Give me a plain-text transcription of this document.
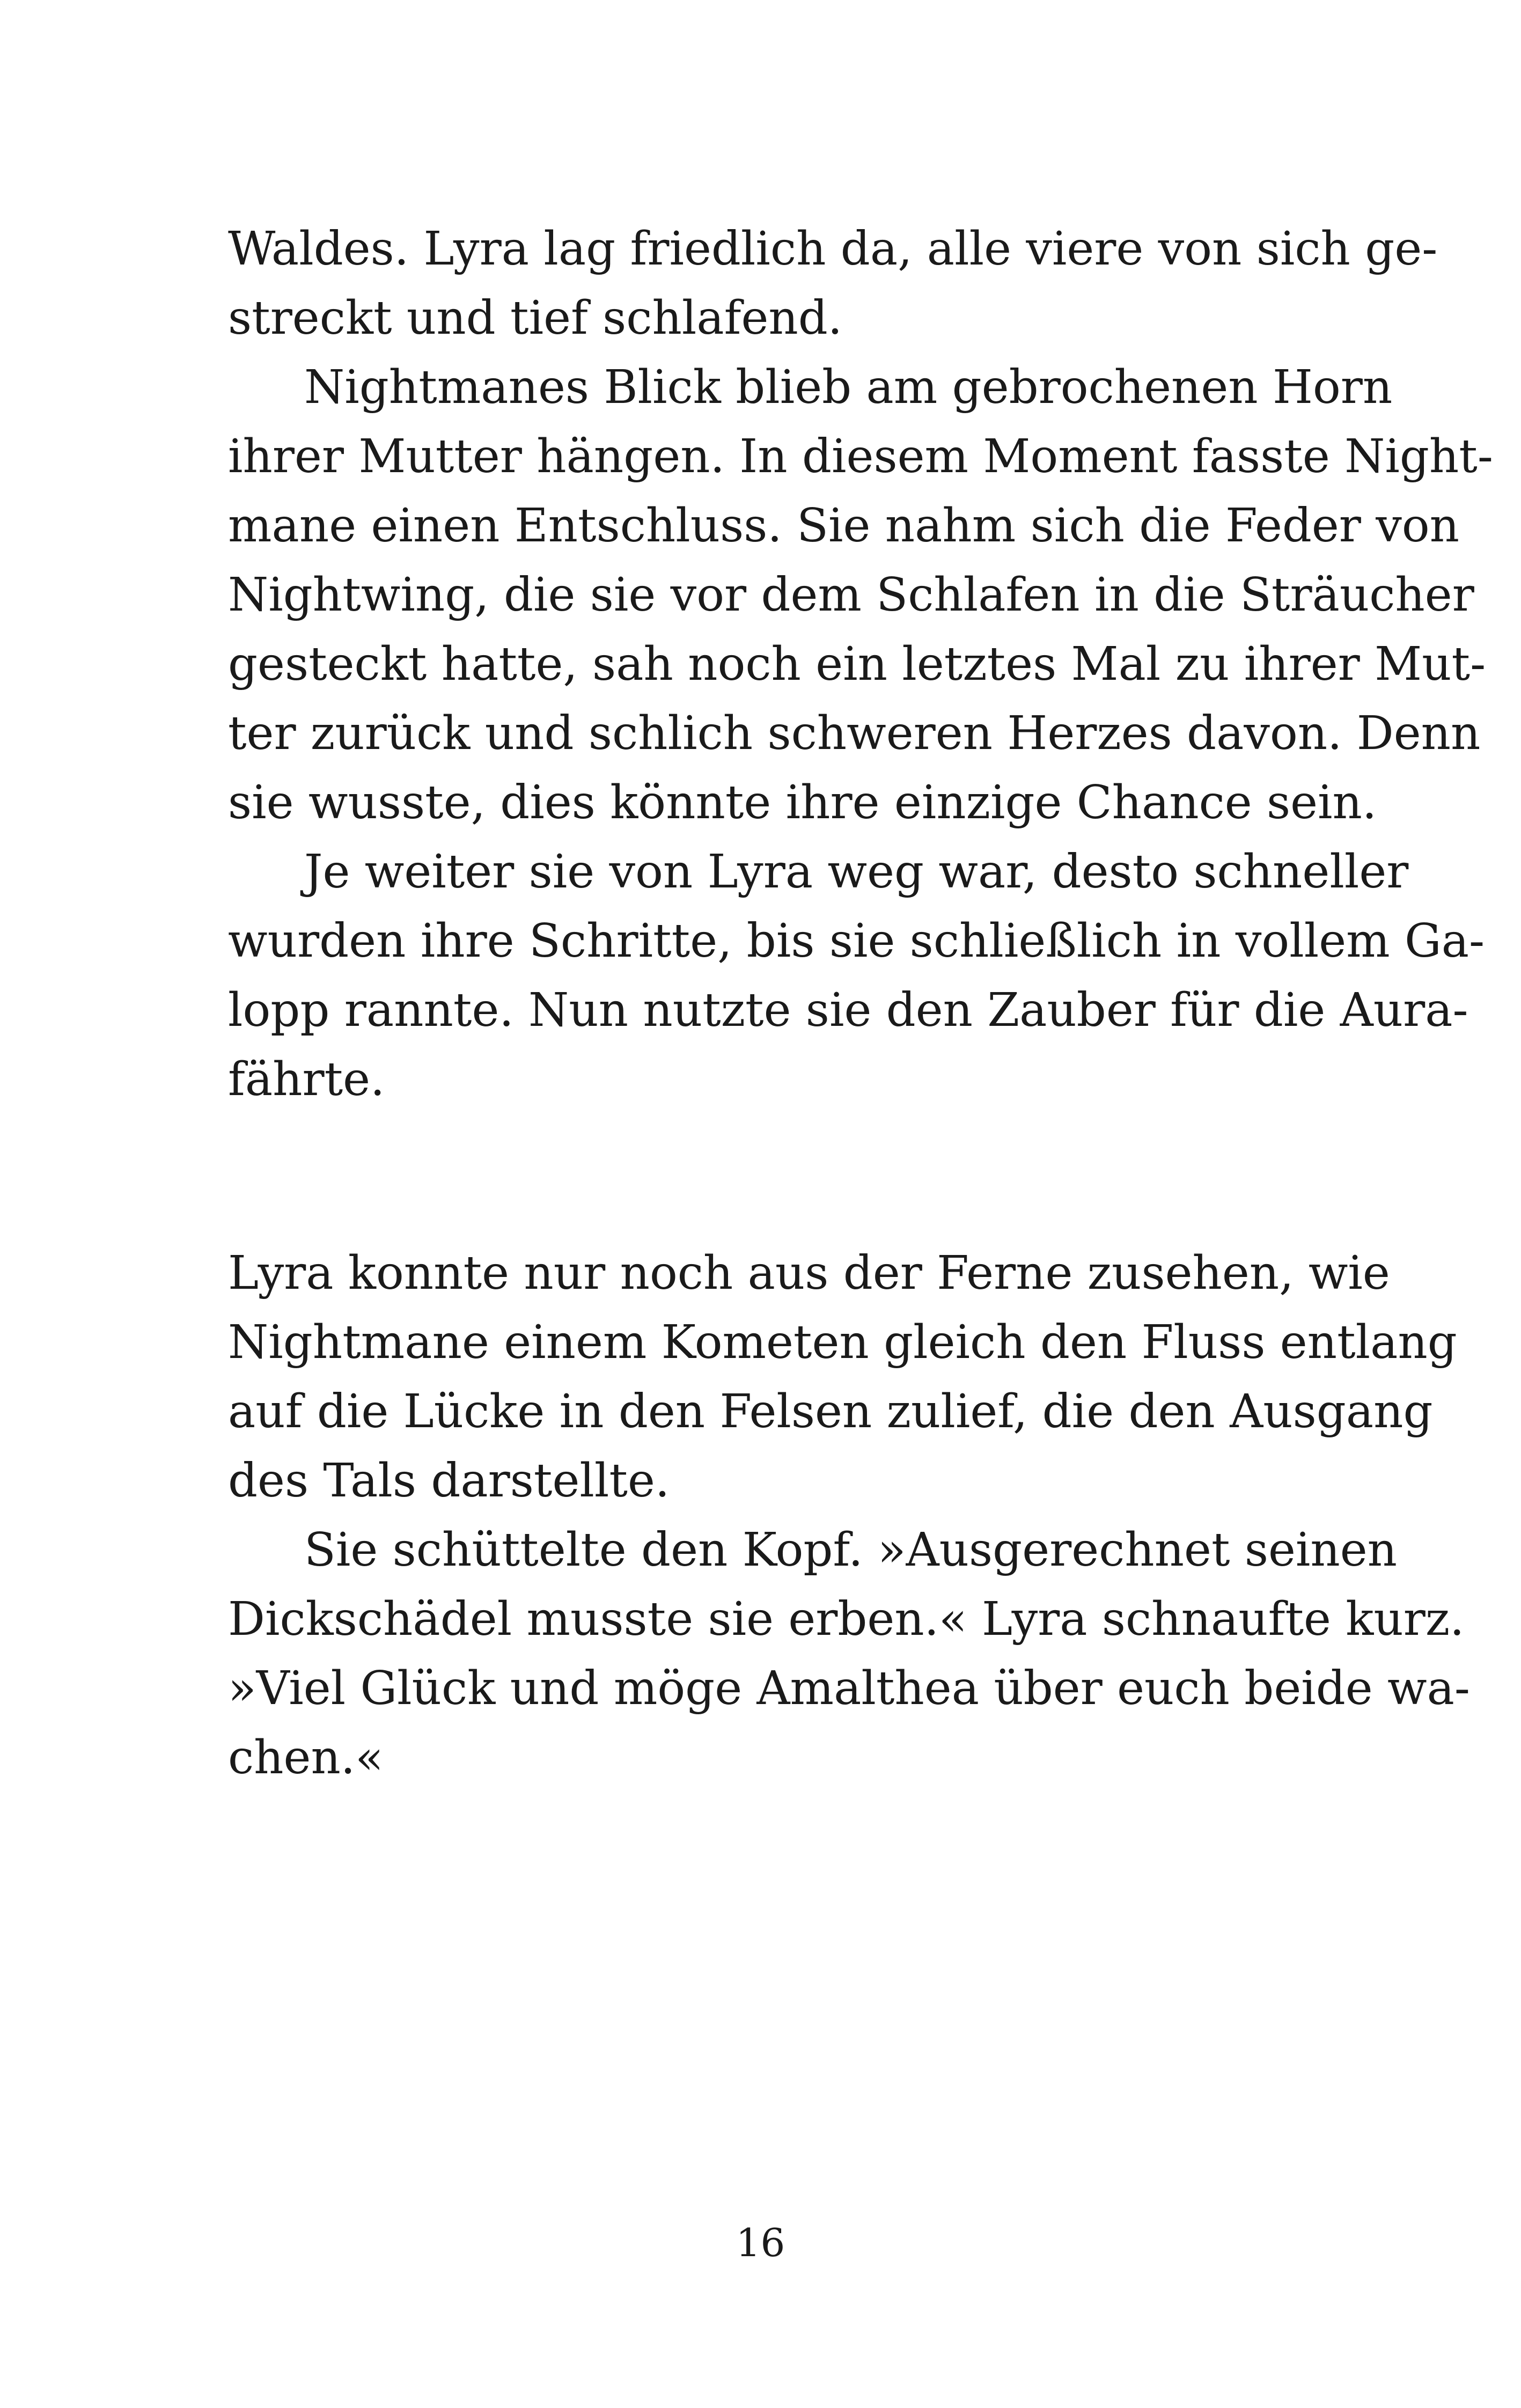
Waldes. Lyra lag friedlich da, alle viere von sich ge-
streckt und tief schlafend.
Nightmanes Blick blieb am gebrochenen Horn
ihrer Mutter hängen. In diesem Moment fasste Night-
mane einen Entschluss. Sie nahm sich die Feder von
Nightwing, die sie vor dem Schlafen in die Sträucher
gesteckt hatte, sah noch ein letztes Mal zu ihrer Mut-
ter zurück und schlich schweren Herzes davon. Denn
sie wusste, dies könnte ihre einzige Chance sein.
Je weiter sie von Lyra weg war, desto schneller
wurden ihre Schritte, bis sie schließlich in vollem Ga-
lopp rannte. Nun nutzte sie den Zauber für die Aura-
fährte.
Lyra konnte nur noch aus der Ferne zusehen, wie
Nightmane einem Kometen gleich den Fluss entlang
auf die Lücke in den Felsen zulief, die den Ausgang
des Tals darstellte.
Sie schüttelte den Kopf. »Ausgerechnet seinen
Dickschädel musste sie erben.« Lyra schnaufte kurz.
»Viel Glück und möge Amalthea über euch beide wa-
chen.«
16
